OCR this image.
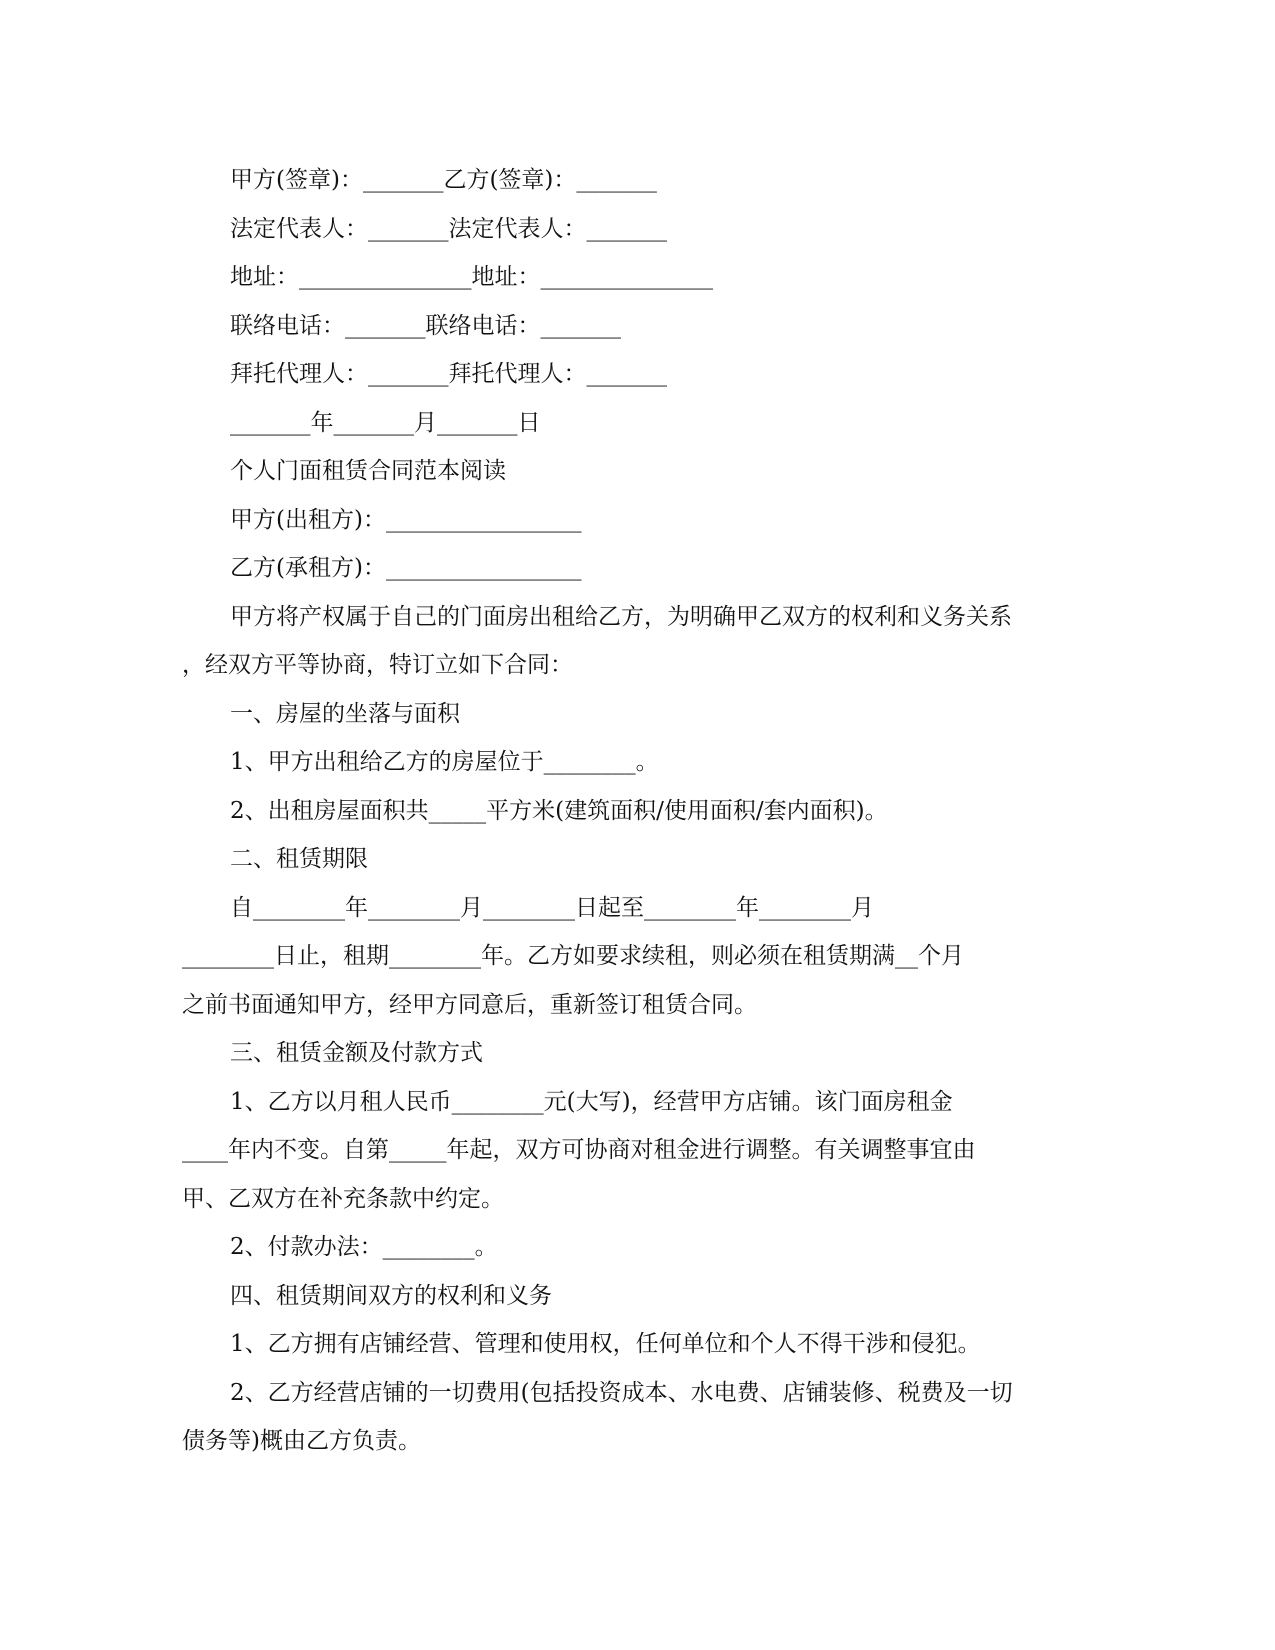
甲方(签章)：_______乙方(签章)：_______
法定代表人：_______法定代表人：_______
地址：_______________地址：_______________
联络电话：_______联络电话：_______
拜托代理人：_______拜托代理人：_______
_______年_______月_______日
个人门面租赁合同范本阅读
甲方(出租方)：_________________
乙方(承租方)：_________________
甲方将产权属于自己的门面房出租给乙方，为明确甲乙双方的权利和义务关系
，经双方平等协商，特订立如下合同：
一、房屋的坐落与面积
1、甲方出租给乙方的房屋位于________。
2、出租房屋面积共_____平方米(建筑面积/使用面积/套内面积)。
二、租赁期限
自________年________月________日起至________年________月
________日止，租期________年。乙方如要求续租，则必须在租赁期满__个月
之前书面通知甲方，经甲方同意后，重新签订租赁合同。
三、租赁金额及付款方式
1、乙方以月租人民币________元(大写)，经营甲方店铺。该门面房租金
____年内不变。自第_____年起，双方可协商对租金进行调整。有关调整事宜由
甲、乙双方在补充条款中约定。
2、付款办法：________。
四、租赁期间双方的权利和义务
1、乙方拥有店铺经营、管理和使用权，任何单位和个人不得干涉和侵犯。
2、乙方经营店铺的一切费用(包括投资成本、水电费、店铺装修、税费及一切
债务等)概由乙方负责。
